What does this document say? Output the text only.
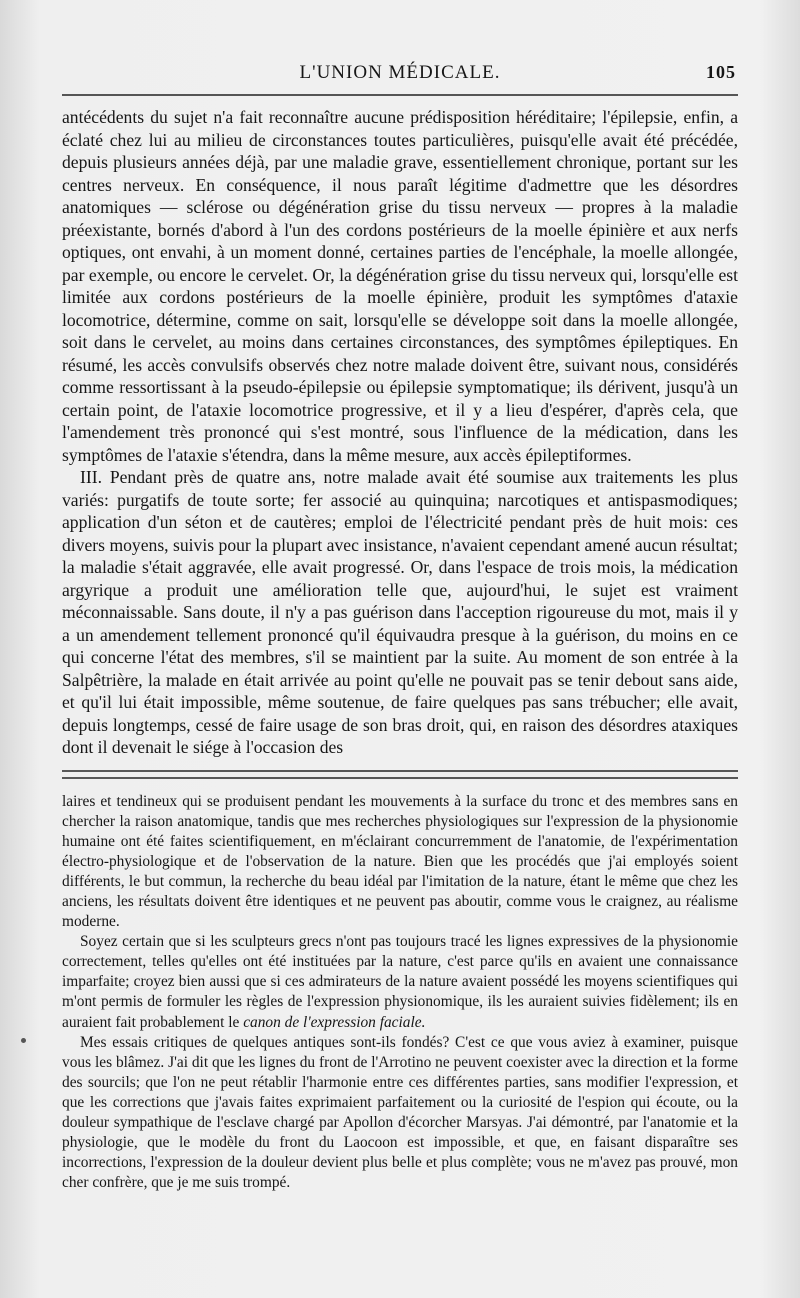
L'UNION MÉDICALE.	105

antécédents du sujet n'a fait reconnaître aucune prédisposition héréditaire; l'épilepsie, enfin, a éclaté chez lui au milieu de circonstances toutes particulières, puisqu'elle avait été précédée, depuis plusieurs années déjà, par une maladie grave, essentiellement chronique, portant sur les centres nerveux. En conséquence, il nous paraît légitime d'admettre que les désordres anatomiques — sclérose ou dégénération grise du tissu nerveux — propres à la maladie préexistante, bornés d'abord à l'un des cordons postérieurs de la moelle épinière et aux nerfs optiques, ont envahi, à un moment donné, certaines parties de l'encéphale, la moelle allongée, par exemple, ou encore le cervelet. Or, la dégénération grise du tissu nerveux qui, lorsqu'elle est limitée aux cordons postérieurs de la moelle épinière, produit les symptômes d'ataxie locomotrice, détermine, comme on sait, lorsqu'elle se développe soit dans la moelle allongée, soit dans le cervelet, au moins dans certaines circonstances, des symptômes épileptiques. En résumé, les accès convulsifs observés chez notre malade doivent être, suivant nous, considérés comme ressortissant à la pseudo-épilepsie ou épilepsie symptomatique; ils dérivent, jusqu'à un certain point, de l'ataxie locomotrice progressive, et il y a lieu d'espérer, d'après cela, que l'amendement très prononcé qui s'est montré, sous l'influence de la médication, dans les symptômes de l'ataxie s'étendra, dans la même mesure, aux accès épileptiformes.

III. Pendant près de quatre ans, notre malade avait été soumise aux traitements les plus variés: purgatifs de toute sorte; fer associé au quinquina; narcotiques et antispasmodiques; application d'un séton et de cautères; emploi de l'électricité pendant près de huit mois: ces divers moyens, suivis pour la plupart avec insistance, n'avaient cependant amené aucun résultat; la maladie s'était aggravée, elle avait progressé. Or, dans l'espace de trois mois, la médication argyrique a produit une amélioration telle que, aujourd'hui, le sujet est vraiment méconnaissable. Sans doute, il n'y a pas guérison dans l'acception rigoureuse du mot, mais il y a un amendement tellement prononcé qu'il équivaudra presque à la guérison, du moins en ce qui concerne l'état des membres, s'il se maintient par la suite. Au moment de son entrée à la Salpêtrière, la malade en était arrivée au point qu'elle ne pouvait pas se tenir debout sans aide, et qu'il lui était impossible, même soutenue, de faire quelques pas sans trébucher; elle avait, depuis longtemps, cessé de faire usage de son bras droit, qui, en raison des désordres ataxiques dont il devenait le siége à l'occasion des

laires et tendineux qui se produisent pendant les mouvements à la surface du tronc et des membres sans en chercher la raison anatomique, tandis que mes recherches physiologiques sur l'expression de la physionomie humaine ont été faites scientifiquement, en m'éclairant concurremment de l'anatomie, de l'expérimentation électro-physiologique et de l'observation de la nature. Bien que les procédés que j'ai employés soient différents, le but commun, la recherche du beau idéal par l'imitation de la nature, étant le même que chez les anciens, les résultats doivent être identiques et ne peuvent pas aboutir, comme vous le craignez, au réalisme moderne.

Soyez certain que si les sculpteurs grecs n'ont pas toujours tracé les lignes expressives de la physionomie correctement, telles qu'elles ont été instituées par la nature, c'est parce qu'ils en avaient une connaissance imparfaite; croyez bien aussi que si ces admirateurs de la nature avaient possédé les moyens scientifiques qui m'ont permis de formuler les règles de l'expression physionomique, ils les auraient suivies fidèlement; ils en auraient fait probablement le canon de l'expression faciale.

Mes essais critiques de quelques antiques sont-ils fondés? C'est ce que vous aviez à examiner, puisque vous les blâmez. J'ai dit que les lignes du front de l'Arrotino ne peuvent coexister avec la direction et la forme des sourcils; que l'on ne peut rétablir l'harmonie entre ces différentes parties, sans modifier l'expression, et que les corrections que j'avais faites exprimaient parfaitement ou la curiosité de l'espion qui écoute, ou la douleur sympathique de l'esclave chargé par Apollon d'écorcher Marsyas. J'ai démontré, par l'anatomie et la physiologie, que le modèle du front du Laocoon est impossible, et que, en faisant disparaître ses incorrections, l'expression de la douleur devient plus belle et plus complète; vous ne m'avez pas prouvé, mon cher confrère, que je me suis trompé.
